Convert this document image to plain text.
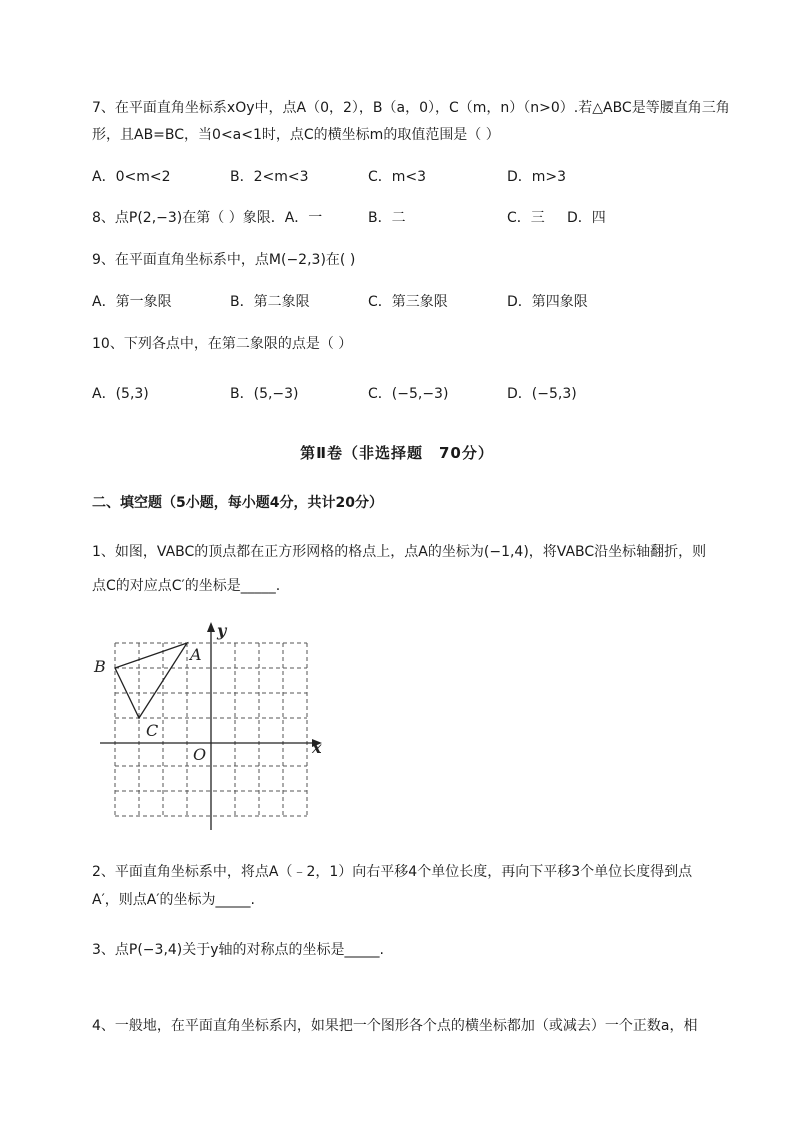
7、在平面直角坐标系xOy中，点A（0，2），B（a，0），C（m，n）（n>0）.若△ABC是等腰直角三角
形，且AB=BC，当0<a<1时，点C的横坐标m的取值范围是（ ）
A．0<m<2	B．2<m<3	C．m<3	D．m>3
8、点P(2,−3)在第（ ）象限．A．一	B．二	C．三 D．四
9、在平面直角坐标系中，点M(−2,3)在( )
A．第一象限	B．第二象限	C．第三象限	D．第四象限
10、下列各点中，在第二象限的点是（ ）
A．(5,3)	B．(5,−3)	C．(−5,−3)	D．(−5,3)
第Ⅱ卷（非选择题　70分）
二、填空题（5小题，每小题4分，共计20分）
1、如图，VABC的顶点都在正方形网格的格点上，点A的坐标为(−1,4)，将VABC沿坐标轴翻折，则
点C的对应点C′的坐标是_____.
A
B
C
O	x
y
2、平面直角坐标系中，将点A（﹣2，1）向右平移4个单位长度，再向下平移3个单位长度得到点
A′，则点A′的坐标为_____.
3、点P(−3,4)关于y轴的对称点的坐标是_____.
4、一般地，在平面直角坐标系内，如果把一个图形各个点的横坐标都加（或减去）一个正数a，相
